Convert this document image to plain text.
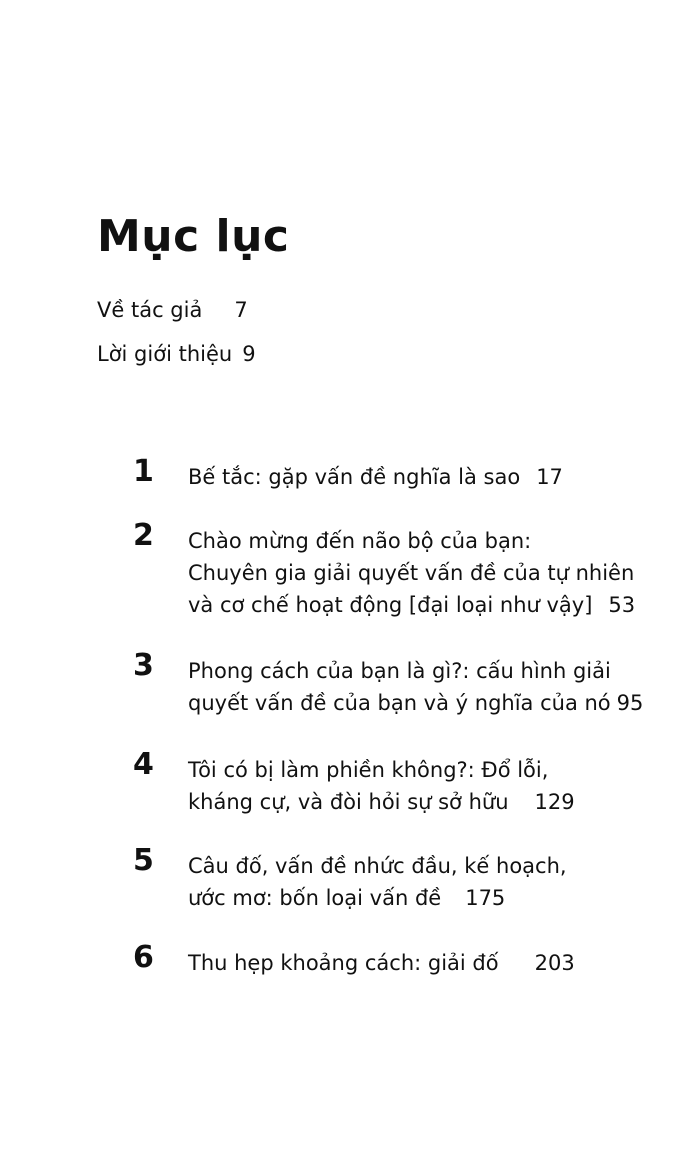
Mục lục
Về tác giả 7
Lời giới thiệu 9
1 Bế tắc: gặp vấn đề nghĩa là sao 17
2 Chào mừng đến não bộ của bạn:
Chuyên gia giải quyết vấn đề của tự nhiên
và cơ chế hoạt động [đại loại như vậy] 53
3 Phong cách của bạn là gì?: cấu hình giải
quyết vấn đề của bạn và ý nghĩa của nó 95
4 Tôi có bị làm phiền không?: Đổ lỗi,
kháng cự, và đòi hỏi sự sở hữu 129
5 Câu đố, vấn đề nhức đầu, kế hoạch,
ước mơ: bốn loại vấn đề 175
6 Thu hẹp khoảng cách: giải đố 203
